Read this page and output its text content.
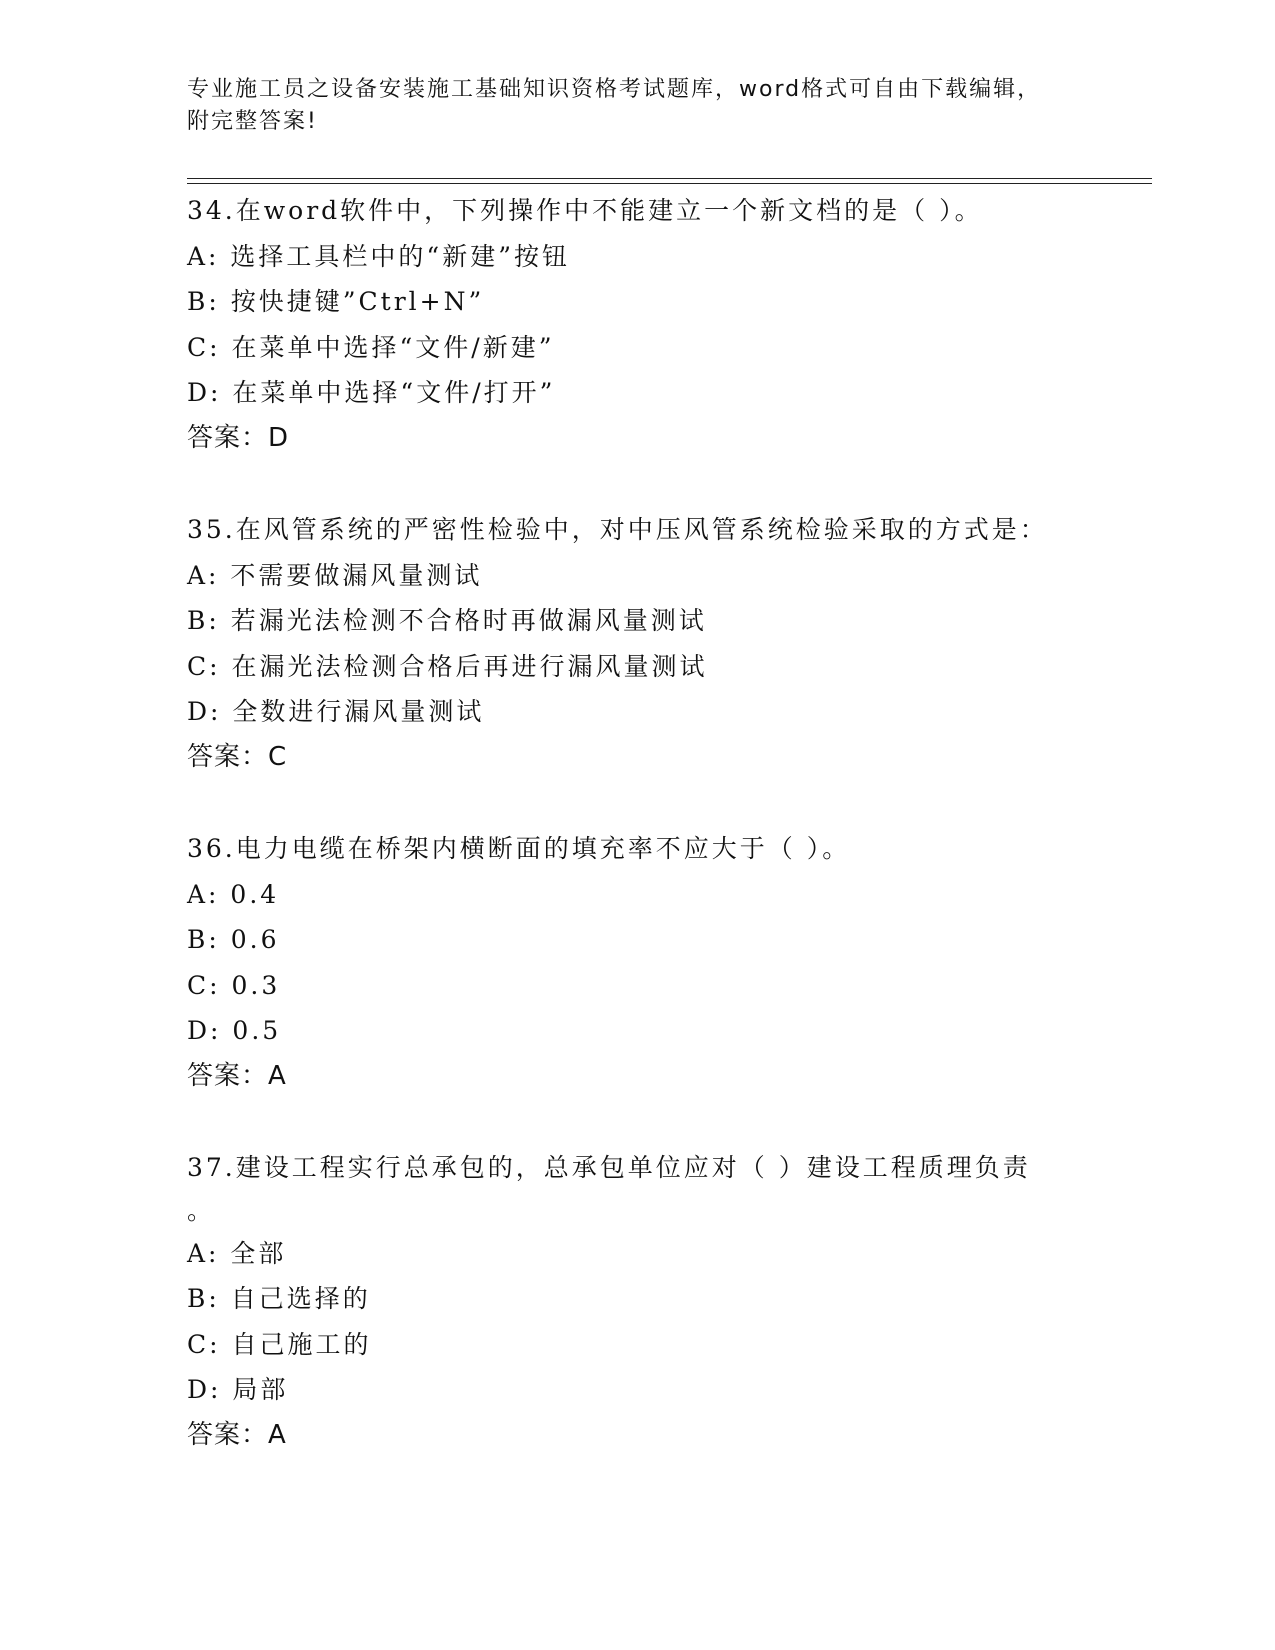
专业施工员之设备安装施工基础知识资格考试题库，word格式可自由下载编辑，
附完整答案!
34.在word软件中，下列操作中不能建立一个新文档的是（ ）。
A: 选择工具栏中的“新建”按钮
B: 按快捷键”Ctrl+N”
C: 在菜单中选择“文件/新建”
D: 在菜单中选择“文件/打开”
答案：D
35.在风管系统的严密性检验中，对中压风管系统检验采取的方式是：
A: 不需要做漏风量测试
B: 若漏光法检测不合格时再做漏风量测试
C: 在漏光法检测合格后再进行漏风量测试
D: 全数进行漏风量测试
答案：C
36.电力电缆在桥架内横断面的填充率不应大于（ ）。
A: 0.4
B: 0.6
C: 0.3
D: 0.5
答案：A
37.建设工程实行总承包的，总承包单位应对（ ）建设工程质理负责
。
A: 全部
B: 自己选择的
C: 自己施工的
D: 局部
答案：A
